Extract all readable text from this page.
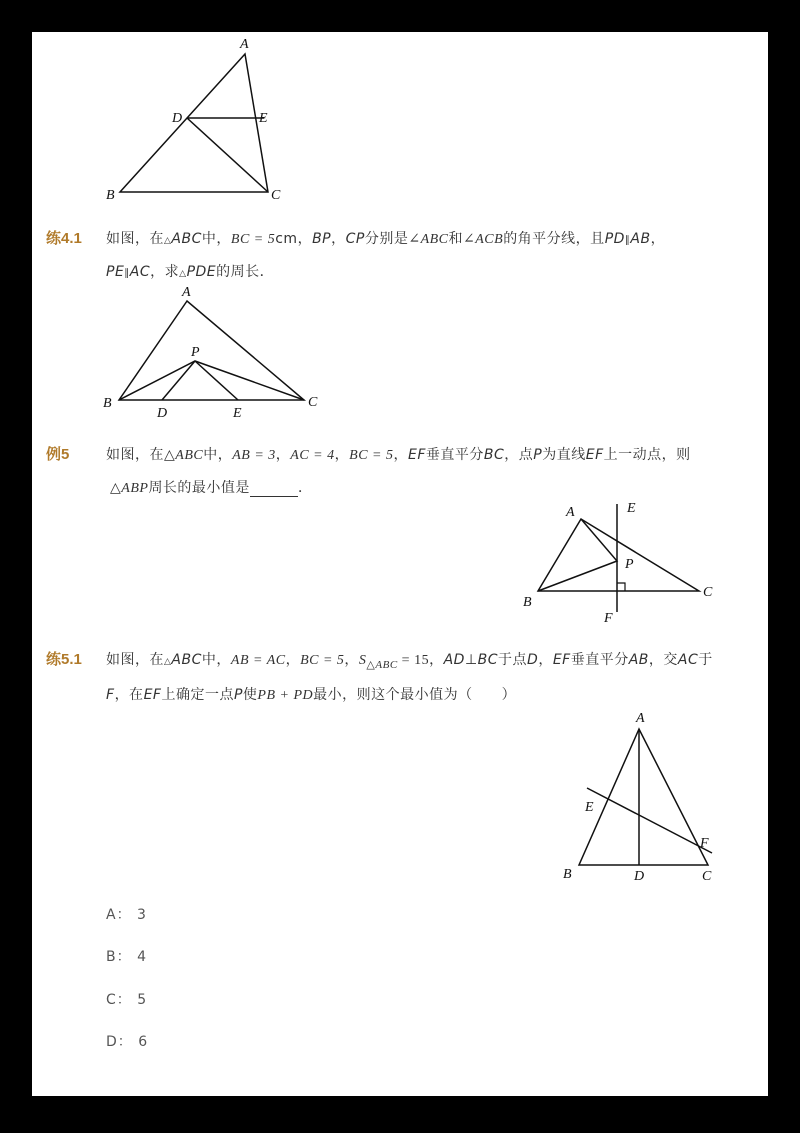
A
D	E
B	C
练4.1 如图，在△ABC中，BC = 5cm，BP，CP分别是∠ABC和∠ACB的角平分线，且PD∥AB，
PE∥AC，求△PDE的周长．
A
P
B	C
D	E
例5	如图，在△ABC中，AB = 3，AC = 4，BC = 5，EF垂直平分BC，点P为直线EF上一动点，则
△ABP周长的最小值是	．
A	E
P
B
C
F
练5.1 如图，在△ABC中，AB = AC，BC = 5，$S_{\triangle ABC} = 15$，AD⊥BC于点D，EF垂直平分AB，交AC于
F，在EF上确定一点P使PB + PD最小，则这个最小值为（　　）
A
E
F
B	D	C
A： 3
B： 4
C： 5
D： 6
